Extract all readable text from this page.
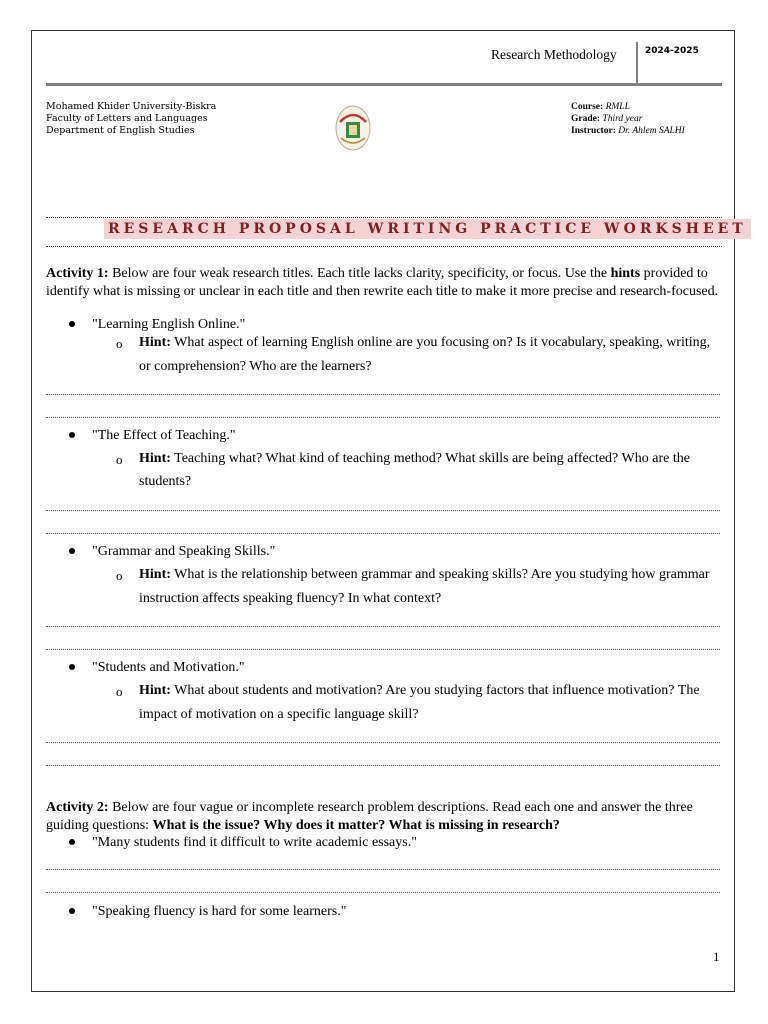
Research Methodology	2024-2025
Mohamed Khider University-Biskra
Faculty of Letters and Languages
Department of English Studies
Course: RMLL
Grade: Third year
Instructor: Dr. Ahlem SALHI
RESEARCH PROPOSAL WRITING PRACTICE WORKSHEET
Activity 1: Below are four weak research titles. Each title lacks clarity, specificity, or focus. Use the hints provided to identify what is missing or unclear in each title and then rewrite each title to make it more precise and research-focused.
"Learning English Online."
o Hint: What aspect of learning English online are you focusing on? Is it vocabulary, speaking, writing,
or comprehension? Who are the learners?
"The Effect of Teaching."
o Hint: Teaching what? What kind of teaching method? What skills are being affected? Who are the
students?
"Grammar and Speaking Skills."
o Hint: What is the relationship between grammar and speaking skills? Are you studying how grammar
instruction affects speaking fluency? In what context?
"Students and Motivation."
o Hint: What about students and motivation? Are you studying factors that influence motivation? The
impact of motivation on a specific language skill?
Activity 2: Below are four vague or incomplete research problem descriptions. Read each one and answer the three guiding questions: What is the issue? Why does it matter? What is missing in research?
"Many students find it difficult to write academic essays."
"Speaking fluency is hard for some learners."
1
